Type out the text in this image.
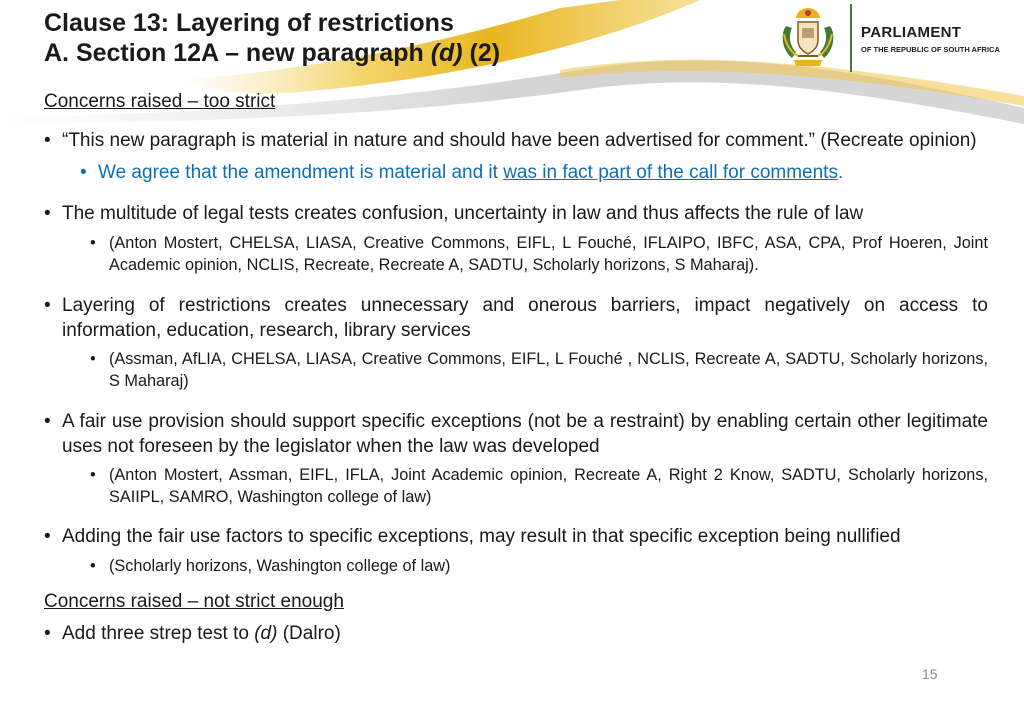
Clause 13: Layering of restrictions
A. Section 12A – new paragraph (d) (2)
PARLIAMENT
OF THE REPUBLIC OF SOUTH AFRICA

Concerns raised – too strict

• “This new paragraph is material in nature and should have been advertised for comment.” (Recreate opinion)

• We agree that the amendment is material and it was in fact part of the call for comments.

• The multitude of legal tests creates confusion, uncertainty in law and thus affects the rule of law

• (Anton Mostert, CHELSA, LIASA, Creative Commons, EIFL, L Fouché, IFLAIPO, IBFC, ASA, CPA, Prof Hoeren, Joint Academic opinion, NCLIS, Recreate, Recreate A, SADTU, Scholarly horizons, S Maharaj).

• Layering of restrictions creates unnecessary and onerous barriers, impact negatively on access to information, education, research, library services

• (Assman, AfLIA, CHELSA, LIASA, Creative Commons, EIFL, L Fouché , NCLIS, Recreate A, SADTU, Scholarly horizons, S Maharaj)

• A fair use provision should support specific exceptions (not be a restraint) by enabling certain other legitimate uses not foreseen by the legislator when the law was developed

• (Anton Mostert, Assman, EIFL, IFLA, Joint Academic opinion, Recreate A, Right 2 Know, SADTU, Scholarly horizons, SAIIPL, SAMRO, Washington college of law)

• Adding the fair use factors to specific exceptions, may result in that specific exception being nullified

• (Scholarly horizons, Washington college of law)

Concerns raised – not strict enough

• Add three strep test to (d) (Dalro)

15
